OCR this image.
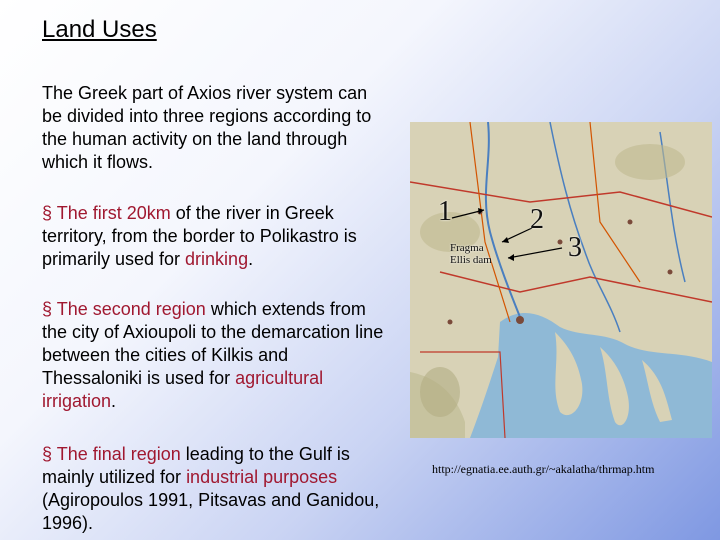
Land Uses
The Greek part of Axios river system can be divided into three regions according to the human activity on the land through which it flows.
§ The first 20km of the river in Greek territory, from the border to Polikastro is primarily used for drinking.
§ The second region which extends from the city of Axioupoli to the demarcation line between the cities of Kilkis and Thessaloniki is used for agricultural irrigation.
§ The final region leading to the Gulf is mainly utilized for industrial purposes (Agiropoulos 1991, Pitsavas and Ganidou, 1996).
1	2
3
Fragma
Ellis dam
http://egnatia.ee.auth.gr/~akalatha/thrmap.htm
